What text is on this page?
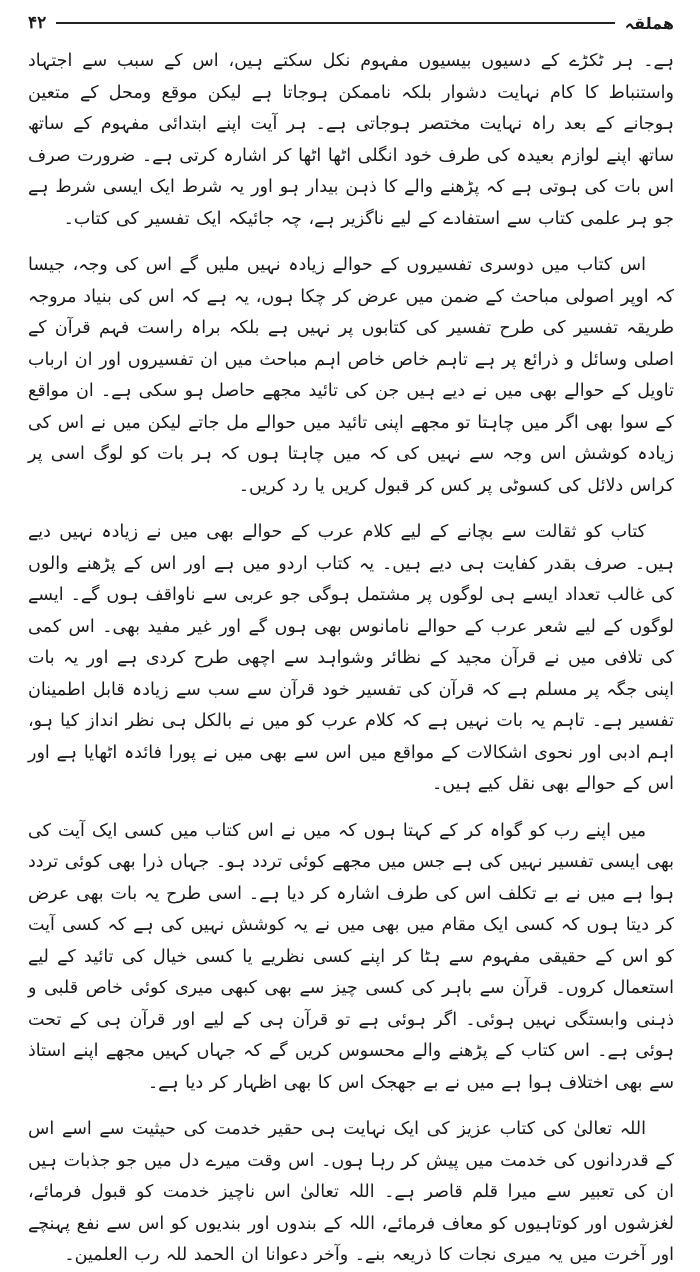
ھملقہ
۴۲

ہے۔ ہر ٹکڑے کے دسیوں بیسیوں مفہوم نکل سکتے ہیں، اس کے سبب سے اجتہاد واستنباط کا کام نہایت دشوار بلکہ ناممکن ہوجاتا ہے لیکن موقع ومحل کے متعین ہوجانے کے بعد راہ نہایت مختصر ہوجاتی ہے۔ ہر آیت اپنے ابتدائی مفہوم کے ساتھ ساتھ اپنے لوازم بعیدہ کی طرف خود انگلی اٹھا اٹھا کر اشارہ کرتی ہے۔ ضرورت صرف اس بات کی ہوتی ہے کہ پڑھنے والے کا ذہن بیدار ہو اور یہ شرط ایک ایسی شرط ہے جو ہر علمی کتاب سے استفادے کے لیے ناگزیر ہے، چہ جائیکہ ایک تفسیر کی کتاب۔

اس کتاب میں دوسری تفسیروں کے حوالے زیادہ نہیں ملیں گے اس کی وجہ، جیسا کہ اوپر اصولی مباحث کے ضمن میں عرض کر چکا ہوں، یہ ہے کہ اس کی بنیاد مروجہ طریقہ تفسیر کی طرح تفسیر کی کتابوں پر نہیں ہے بلکہ براہ راست فہم قرآن کے اصلی وسائل و ذرائع پر ہے تاہم خاص خاص اہم مباحث میں ان تفسیروں اور ان ارباب تاویل کے حوالے بھی میں نے دیے ہیں جن کی تائید مجھے حاصل ہو سکی ہے۔ ان مواقع کے سوا بھی اگر میں چاہتا تو مجھے اپنی تائید میں حوالے مل جاتے لیکن میں نے اس کی زیادہ کوشش اس وجہ سے نہیں کی کہ میں چاہتا ہوں کہ ہر بات کو لوگ اسی پر کراس دلائل کی کسوٹی پر کس کر قبول کریں یا رد کریں۔

کتاب کو ثقالت سے بچانے کے لیے کلام عرب کے حوالے بھی میں نے زیادہ نہیں دیے ہیں۔ صرف بقدر کفایت ہی دیے ہیں۔ یہ کتاب اردو میں ہے اور اس کے پڑھنے والوں کی غالب تعداد ایسے ہی لوگوں پر مشتمل ہوگی جو عربی سے ناواقف ہوں گے۔ ایسے لوگوں کے لیے شعر عرب کے حوالے نامانوس بھی ہوں گے اور غیر مفید بھی۔ اس کمی کی تلافی میں نے قرآن مجید کے نظائر وشواہد سے اچھی طرح کردی ہے اور یہ بات اپنی جگہ پر مسلم ہے کہ قرآن کی تفسیر خود قرآن سے سب سے زیادہ قابل اطمینان تفسیر ہے۔ تاہم یہ بات نہیں ہے کہ کلام عرب کو میں نے بالکل ہی نظر انداز کیا ہو، اہم ادبی اور نحوی اشکالات کے مواقع میں اس سے بھی میں نے پورا فائدہ اٹھایا ہے اور اس کے حوالے بھی نقل کیے ہیں۔

میں اپنے رب کو گواہ کر کے کہتا ہوں کہ میں نے اس کتاب میں کسی ایک آیت کی بھی ایسی تفسیر نہیں کی ہے جس میں مجھے کوئی تردد ہو۔ جہاں ذرا بھی کوئی تردد ہوا ہے میں نے بے تکلف اس کی طرف اشارہ کر دیا ہے۔ اسی طرح یہ بات بھی عرض کر دیتا ہوں کہ کسی ایک مقام میں بھی میں نے یہ کوشش نہیں کی ہے کہ کسی آیت کو اس کے حقیقی مفہوم سے ہٹا کر اپنے کسی نظریے یا کسی خیال کی تائید کے لیے استعمال کروں۔ قرآن سے باہر کی کسی چیز سے بھی کبھی میری کوئی خاص قلبی و ذہنی وابستگی نہیں ہوئی۔ اگر ہوئی ہے تو قرآن ہی کے لیے اور قرآن ہی کے تحت ہوئی ہے۔ اس کتاب کے پڑھنے والے محسوس کریں گے کہ جہاں کہیں مجھے اپنے استاذ سے بھی اختلاف ہوا ہے میں نے بے جھجک اس کا بھی اظہار کر دیا ہے۔

اللہ تعالیٰ کی کتاب عزیز کی ایک نہایت ہی حقیر خدمت کی حیثیت سے اسے اس کے قدردانوں کی خدمت میں پیش کر رہا ہوں۔ اس وقت میرے دل میں جو جذبات ہیں ان کی تعبیر سے میرا قلم قاصر ہے۔ اللہ تعالیٰ اس ناچیز خدمت کو قبول فرمائے، لغزشوں اور کوتاہیوں کو معاف فرمائے، اللہ کے بندوں اور بندیوں کو اس سے نفع پہنچے اور آخرت میں یہ میری نجات کا ذریعہ بنے۔ وآخر دعوانا ان الحمد للہ رب العلمین۔
